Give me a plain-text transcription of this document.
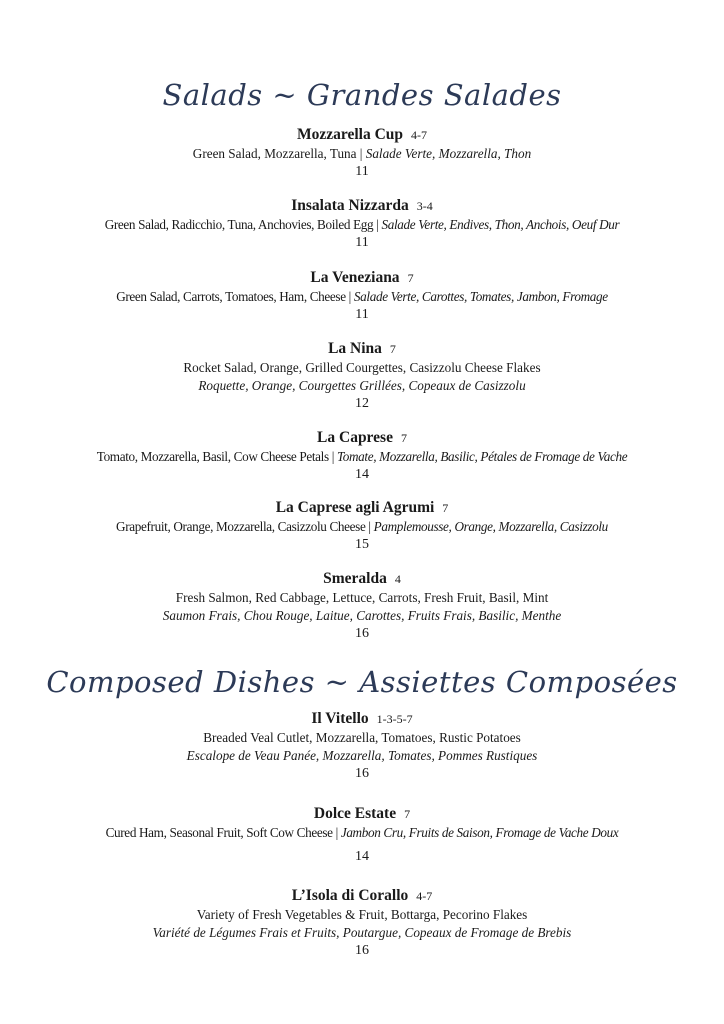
Salads ~ Grandes Salades
Mozzarella Cup 4-7
Green Salad, Mozzarella, Tuna | Salade Verte, Mozzarella, Thon
11
Insalata Nizzarda 3-4
Green Salad, Radicchio, Tuna, Anchovies, Boiled Egg | Salade Verte, Endives, Thon, Anchois, Oeuf Dur
11
La Veneziana 7
Green Salad, Carrots, Tomatoes, Ham, Cheese | Salade Verte, Carottes, Tomates, Jambon, Fromage
11
La Nina 7
Rocket Salad, Orange, Grilled Courgettes, Casizzolu Cheese Flakes
Roquette, Orange, Courgettes Grillées, Copeaux de Casizzolu
12
La Caprese 7
Tomato, Mozzarella, Basil, Cow Cheese Petals | Tomate, Mozzarella, Basilic, Pétales de Fromage de Vache
14
La Caprese agli Agrumi 7
Grapefruit, Orange, Mozzarella, Casizzolu Cheese | Pamplemousse, Orange, Mozzarella, Casizzolu
15
Smeralda 4
Fresh Salmon, Red Cabbage, Lettuce, Carrots, Fresh Fruit, Basil, Mint
Saumon Frais, Chou Rouge, Laitue, Carottes, Fruits Frais, Basilic, Menthe
16
Composed Dishes ~ Assiettes Composées
Il Vitello 1-3-5-7
Breaded Veal Cutlet, Mozzarella, Tomatoes, Rustic Potatoes
Escalope de Veau Panée, Mozzarella, Tomates, Pommes Rustiques
16
Dolce Estate 7
Cured Ham, Seasonal Fruit, Soft Cow Cheese | Jambon Cru, Fruits de Saison, Fromage de Vache Doux
14
L’Isola di Corallo 4-7
Variety of Fresh Vegetables & Fruit, Bottarga, Pecorino Flakes
Variété de Légumes Frais et Fruits, Poutargue, Copeaux de Fromage de Brebis
16
